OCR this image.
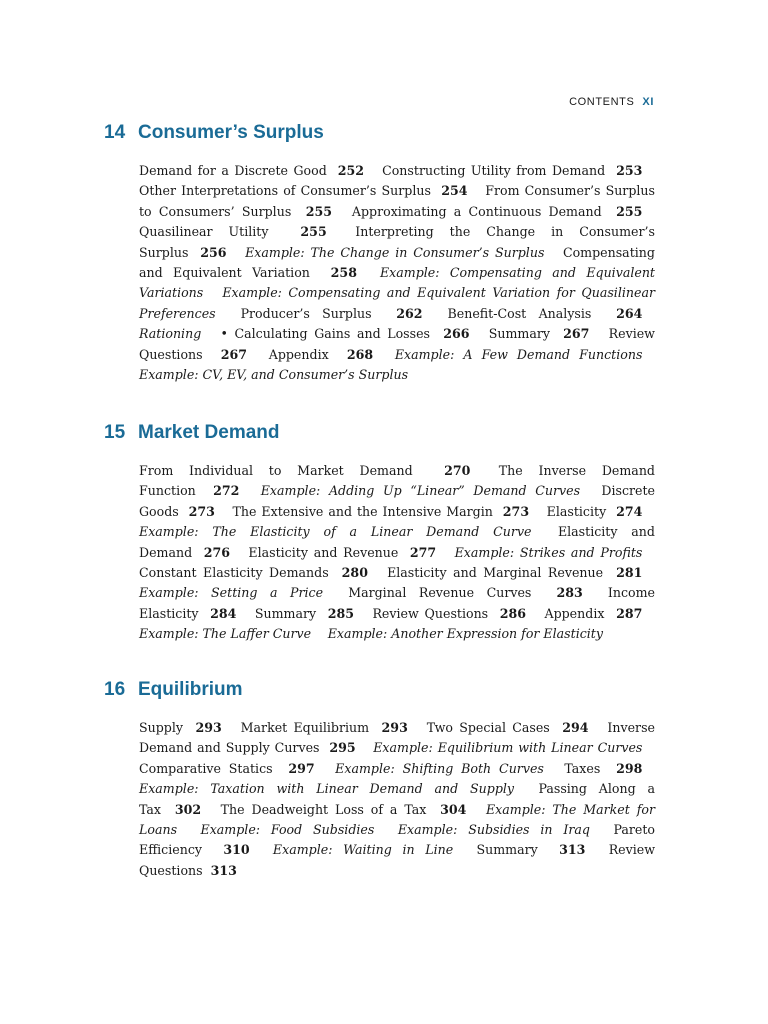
CONTENTS XI
14 Consumer’s Surplus
Demand for a Discrete Good 252  Constructing Utility from Demand 253  Other Interpretations of Consumer’s Surplus 254  From Consumer’s Surplus to Consumers’ Surplus 255  Approximating a Continuous Demand 255  Quasilinear Utility	255  Interpreting the Change in Consumer’s Surplus 256  Example: The Change in Consumer’s Surplus  Compensating and Equivalent Variation 258  Example: Compensating and Equivalent Variations  Example: Compensating and Equivalent Variation for Quasilinear Preferences  Producer’s Surplus 262  Benefit-Cost Analysis 264  Rationing  • Calculating Gains and Losses 266  Summary 267  Review Questions 267  Appendix 268  Example: A Few Demand Functions  Example: CV, EV, and Consumer’s Surplus 
15 Market Demand
From Individual to Market Demand 270  The Inverse Demand Function 272  Example: Adding Up “Linear” Demand Curves  Discrete Goods 273  The Extensive and the Intensive Margin 273  Elasticity 274  Example: The Elasticity of a Linear Demand Curve  Elasticity and Demand 276  Elasticity and Revenue 277  Example: Strikes and Profits  Constant Elasticity Demands 280  Elasticity and Marginal Revenue 281  Example: Setting a Price  Marginal Revenue Curves 283  Income Elasticity 284  Summary 285  Review Questions 286  Appendix 287  Example: The Laffer Curve  Example: Another Expression for Elasticity 
16 Equilibrium
Supply 293  Market Equilibrium 293  Two Special Cases 294  Inverse Demand and Supply Curves 295  Example: Equilibrium with Linear Curves  Comparative Statics 297  Example: Shifting Both Curves  Taxes 298  Example: Taxation with Linear Demand and Supply  Passing Along a Tax 302  The Deadweight Loss of a Tax 304  Example: The Market for Loans  Example: Food Subsidies  Example: Subsidies in Iraq  Pareto Efficiency 310  Example: Waiting in Line  Summary 313  Review Questions 313 
